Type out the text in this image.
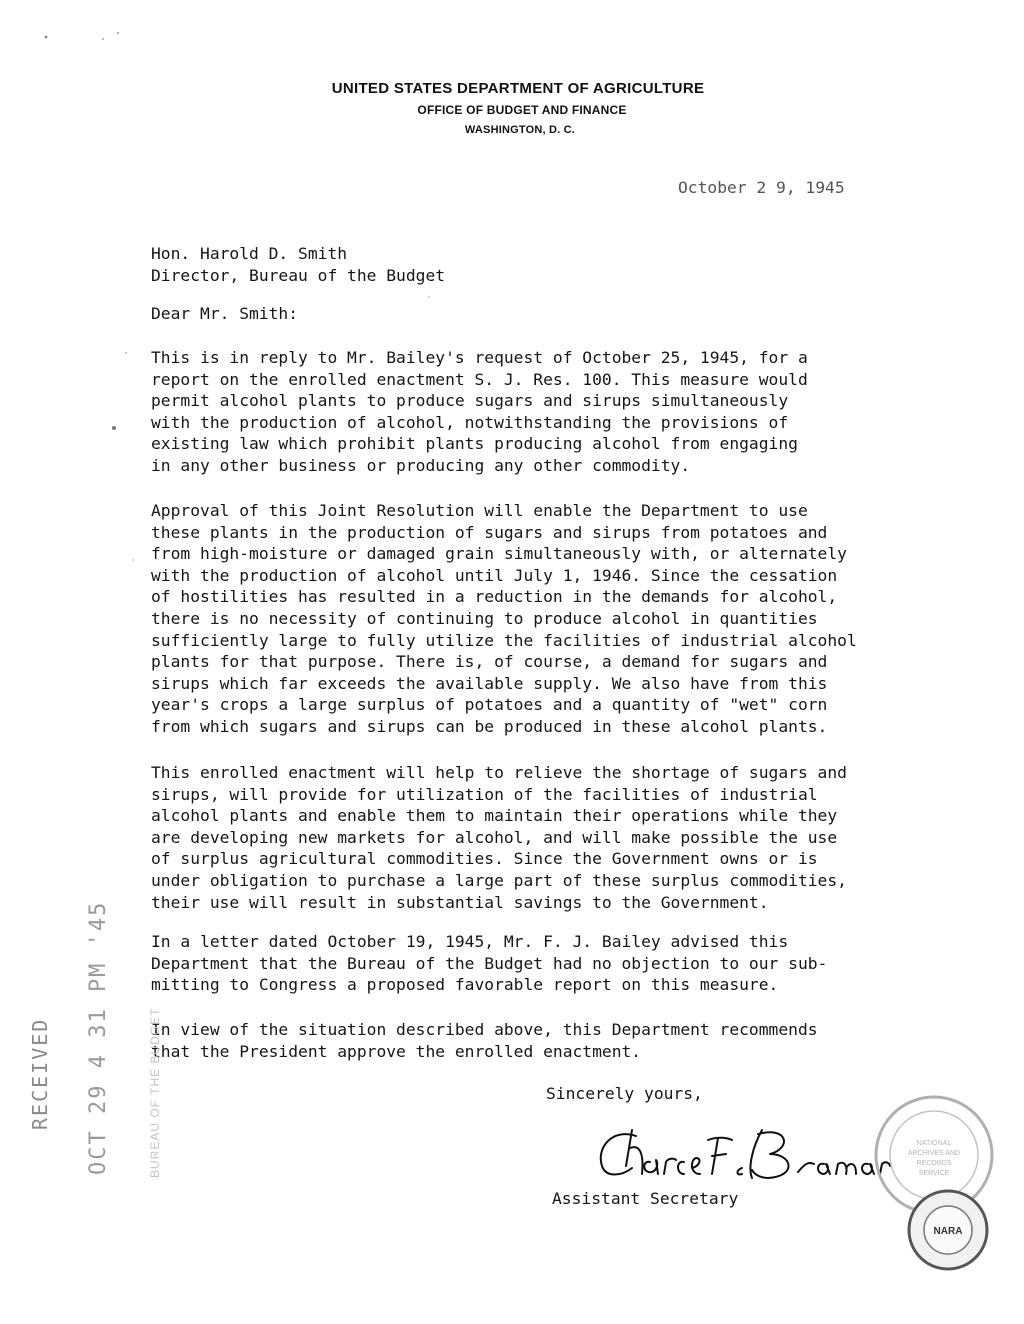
UNITED STATES DEPARTMENT OF AGRICULTURE
OFFICE OF BUDGET AND FINANCE
WASHINGTON, D. C.
October 2 9, 1945
Hon. Harold D. Smith
Director, Bureau of the Budget
Dear Mr. Smith:
This is in reply to Mr. Bailey's request of October 25, 1945, for a
report on the enrolled enactment S. J. Res. 100. This measure would
permit alcohol plants to produce sugars and sirups simultaneously
with the production of alcohol, notwithstanding the provisions of
existing law which prohibit plants producing alcohol from engaging
in any other business or producing any other commodity.
Approval of this Joint Resolution will enable the Department to use
these plants in the production of sugars and sirups from potatoes and
from high-moisture or damaged grain simultaneously with, or alternately
with the production of alcohol until July 1, 1946. Since the cessation
of hostilities has resulted in a reduction in the demands for alcohol,
there is no necessity of continuing to produce alcohol in quantities
sufficiently large to fully utilize the facilities of industrial alcohol
plants for that purpose. There is, of course, a demand for sugars and
sirups which far exceeds the available supply. We also have from this
year's crops a large surplus of potatoes and a quantity of "wet" corn
from which sugars and sirups can be produced in these alcohol plants.
This enrolled enactment will help to relieve the shortage of sugars and
sirups, will provide for utilization of the facilities of industrial
alcohol plants and enable them to maintain their operations while they
are developing new markets for alcohol, and will make possible the use
of surplus agricultural commodities. Since the Government owns or is
under obligation to purchase a large part of these surplus commodities,
their use will result in substantial savings to the Government.
In a letter dated October 19, 1945, Mr. F. J. Bailey advised this
Department that the Bureau of the Budget had no objection to our sub-
mitting to Congress a proposed favorable report on this measure.
In view of the situation described above, this Department recommends
that the President approve the enrolled enactment.
Sincerely yours,
Assistant Secretary
RECEIVED OCT 29 4 31 PM '45	BUREAU OF THE BUDGET	NATIONAL
ARCHIVES AND
RECORDS
SERVICE
NARA
